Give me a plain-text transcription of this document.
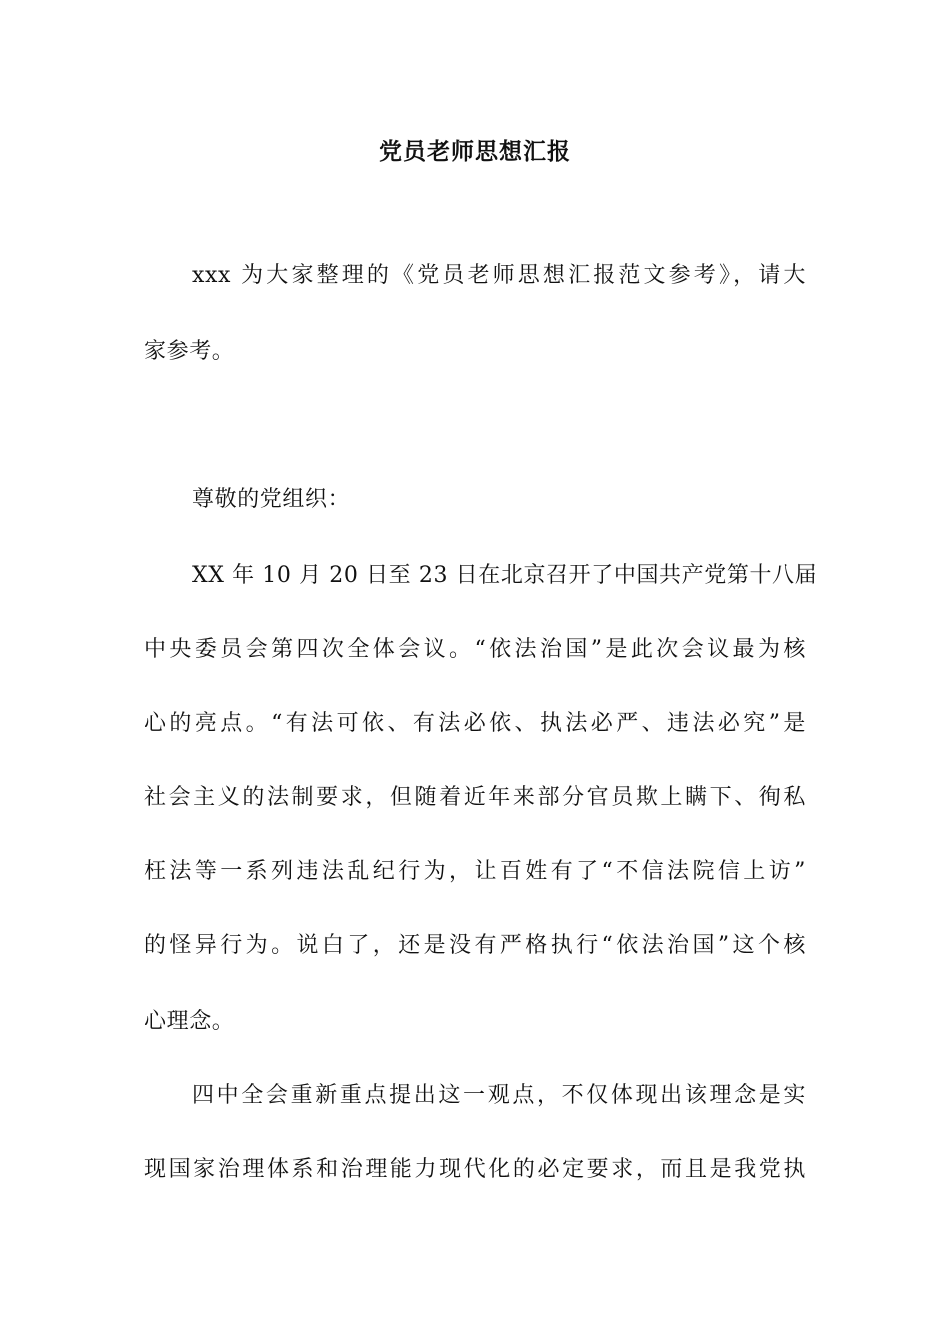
党员老师思想汇报
xxx 为大家整理的《党员老师思想汇报范文参考》，请大
家参考。
尊敬的党组织：
XX 年 10 月 20 日至 23 日在北京召开了中国共产党第十八届
中央委员会第四次全体会议。“依法治国”是此次会议最为核
心的亮点。“有法可依、有法必依、执法必严、违法必究”是
社会主义的法制要求，但随着近年来部分官员欺上瞒下、徇私
枉法等一系列违法乱纪行为，让百姓有了“不信法院信上访”
的怪异行为。说白了，还是没有严格执行“依法治国”这个核
心理念。
四中全会重新重点提出这一观点，不仅体现出该理念是实
现国家治理体系和治理能力现代化的必定要求，而且是我党执
